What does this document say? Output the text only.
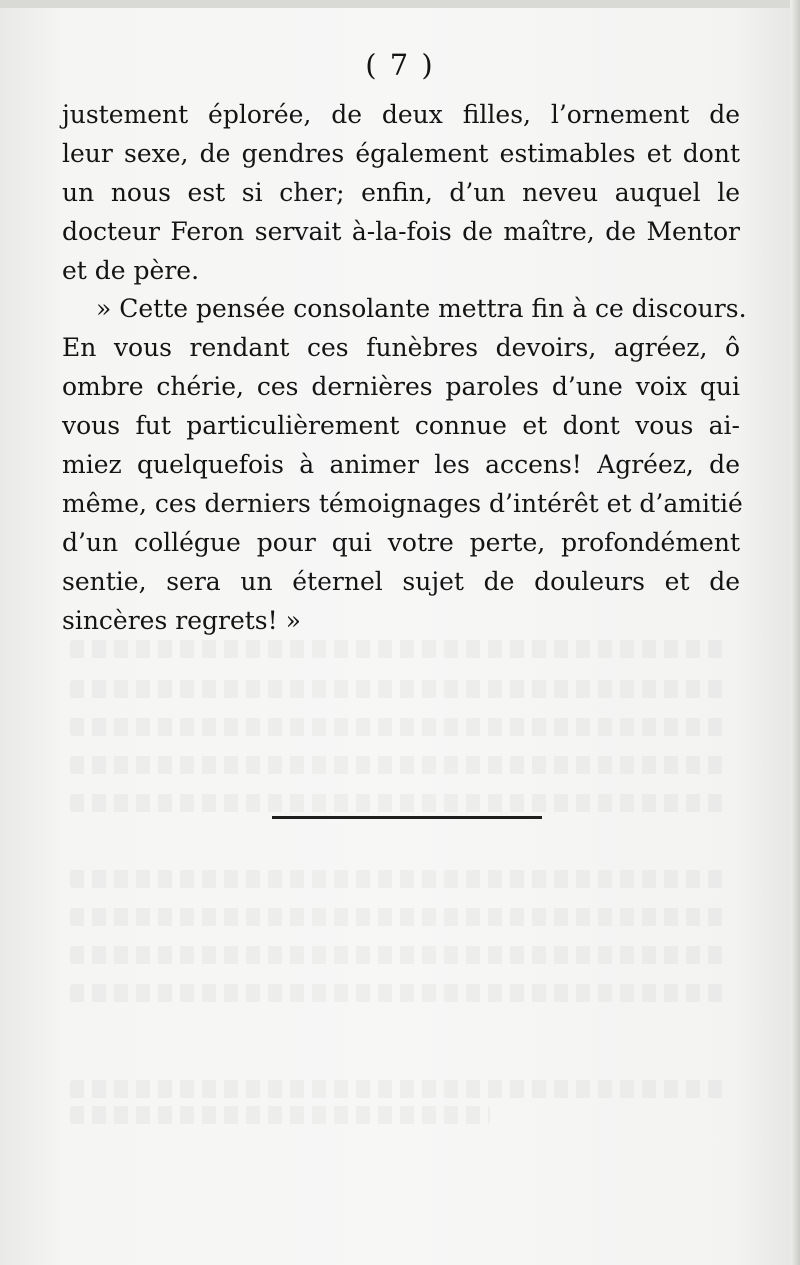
( 7 )
justement éplorée, de deux filles, l’ornement de
leur sexe, de gendres également estimables et dont
un nous est si cher; enfin, d’un neveu auquel le
docteur Feron servait à-la-fois de maître, de Mentor
et de père.
» Cette pensée consolante mettra fin à ce discours.
En vous rendant ces funèbres devoirs, agréez, ô
ombre chérie, ces dernières paroles d’une voix qui
vous fut particulièrement connue et dont vous ai-
miez quelquefois à animer les accens! Agréez, de
même, ces derniers témoignages d’intérêt et d’amitié
d’un collégue pour qui votre perte, profondément
sentie, sera un éternel sujet de douleurs et de
sincères regrets! »
